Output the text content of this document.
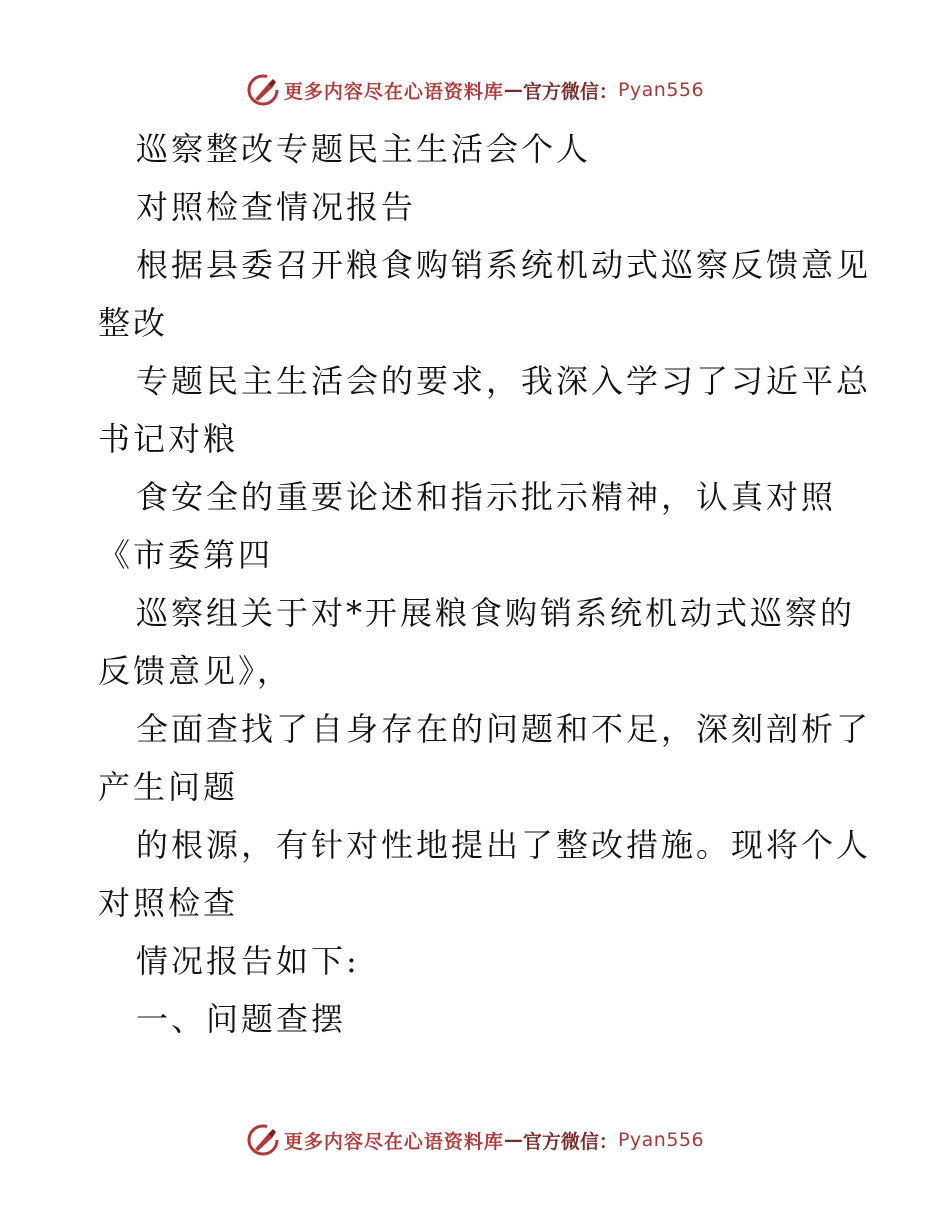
更多内容尽在心语资料库 — 官方微信： Pyan556

巡察整改专题民主生活会个人

对照检查情况报告

根据县委召开粮食购销系统机动式巡察反馈意见

整改

专题民主生活会的要求，我深入学习了习近平总

书记对粮

食安全的重要论述和指示批示精神，认真对照

《市委第四

巡察组关于对*开展粮食购销系统机动式巡察的

反馈意见》，

全面查找了自身存在的问题和不足，深刻剖析了

产生问题

的根源，有针对性地提出了整改措施。现将个人

对照检查

情况报告如下:

一、问题查摆

更多内容尽在心语资料库 — 官方微信： Pyan556
